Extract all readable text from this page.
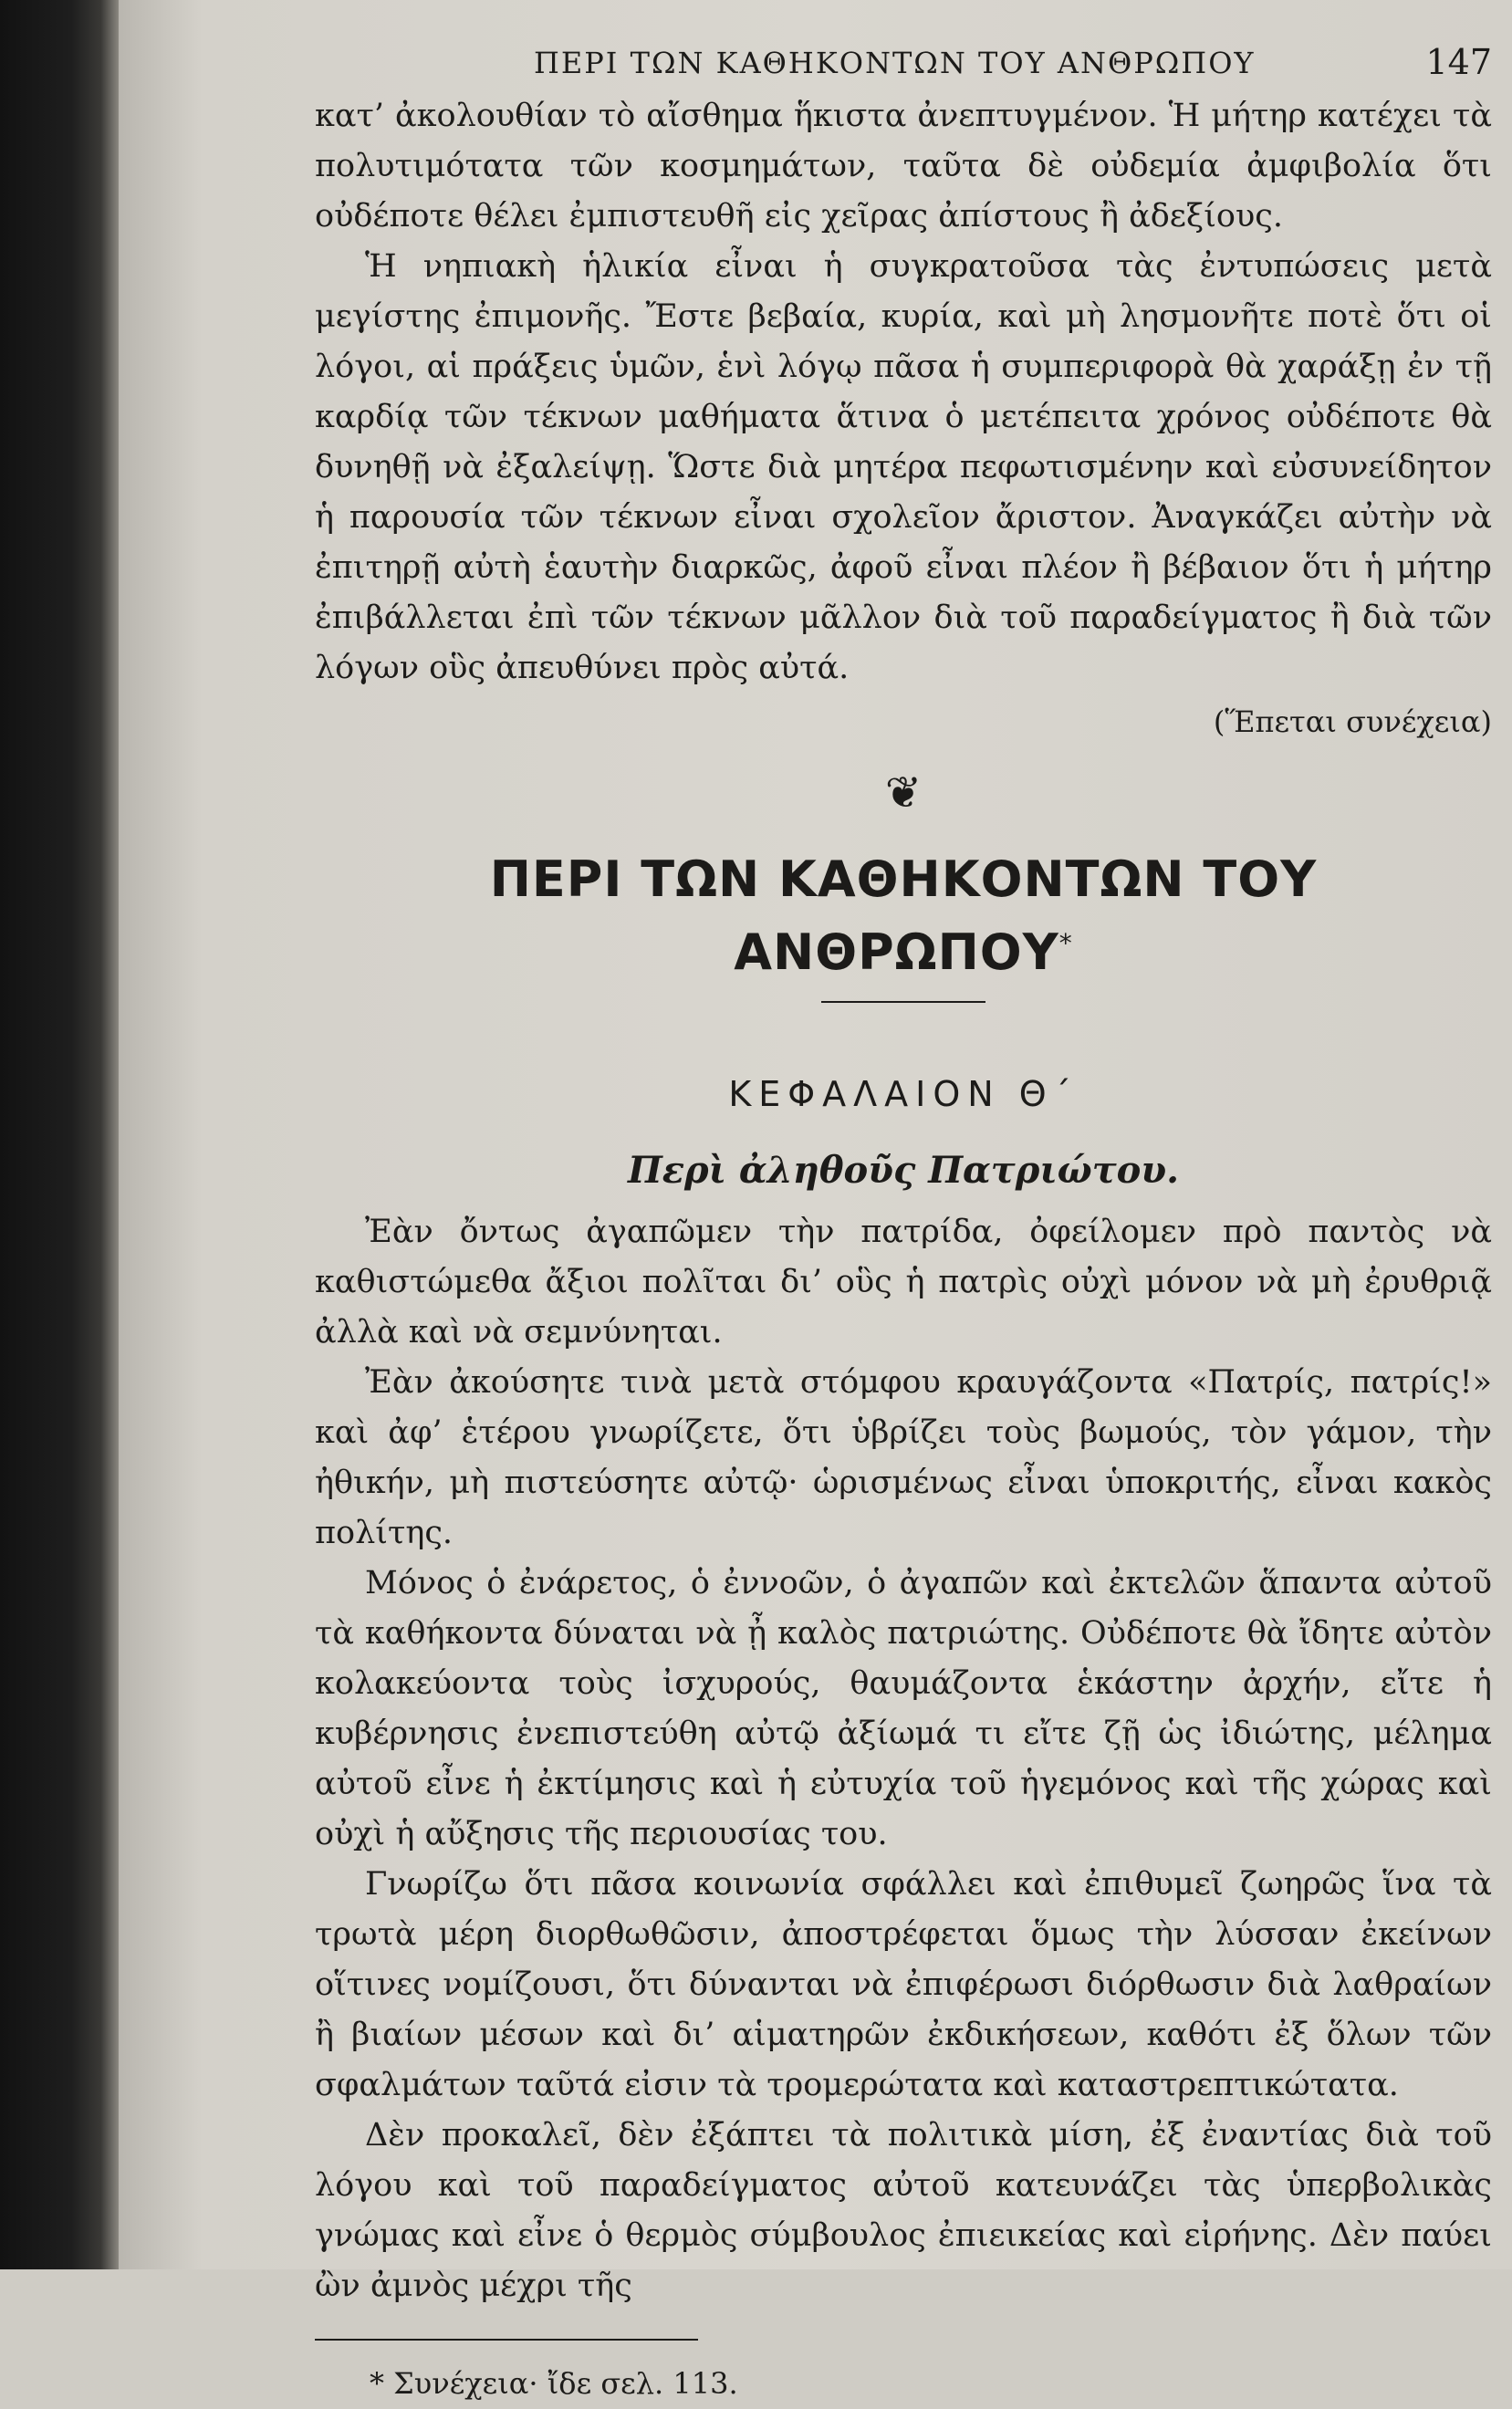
ΠΕΡΙ ΤΩΝ ΚΑΘΗΚΟΝΤΩΝ ΤΟΥ ΑΝΘΡΩΠΟΥ	147

κατ’ ἀκολουθίαν τὸ αἴσθημα ἥκιστα ἀνεπτυγμένον. Ἡ μήτηρ κατέχει τὰ πολυτιμότατα τῶν κοσμημάτων, ταῦτα δὲ οὐδεμία ἀμφιβολία ὅτι οὐδέποτε θέλει ἐμπιστευθῆ εἰς χεῖρας ἀπίστους ἢ ἀδεξίους.

Ἡ νηπιακὴ ἡλικία εἶναι ἡ συγκρατοῦσα τὰς ἐντυπώσεις μετὰ μεγίστης ἐπιμονῆς. Ἔστε βεβαία, κυρία, καὶ μὴ λησμονῆτε ποτὲ ὅτι οἱ λόγοι, αἱ πράξεις ὑμῶν, ἑνὶ λόγῳ πᾶσα ἡ συμπεριφορὰ θὰ χαράξῃ ἐν τῇ καρδίᾳ τῶν τέκνων μαθήματα ἅτινα ὁ μετέπειτα χρόνος οὐδέποτε θὰ δυνηθῇ νὰ ἐξαλείψῃ. Ὥστε διὰ μητέρα πεφωτισμένην καὶ εὐσυνείδητον ἡ παρουσία τῶν τέκνων εἶναι σχολεῖον ἄριστον. Ἀναγκάζει αὐτὴν νὰ ἐπιτηρῇ αὐτὴ ἑαυτὴν διαρκῶς, ἀφοῦ εἶναι πλέον ἢ βέβαιον ὅτι ἡ μήτηρ ἐπιβάλλεται ἐπὶ τῶν τέκνων μᾶλλον διὰ τοῦ παραδείγματος ἢ διὰ τῶν λόγων οὓς ἀπευθύνει πρὸς αὐτά.

(Ἕπεται συνέχεια)
❦
ΠΕΡΙ ΤΩΝ ΚΑΘΗΚΟΝΤΩΝ ΤΟΥ ΑΝΘΡΩΠΟΥ*
ΚΕΦΑΛΑΙΟΝ Θ΄
Περὶ ἀληθοῦς Πατριώτου.

Ἐὰν ὄντως ἀγαπῶμεν τὴν πατρίδα, ὀφείλομεν πρὸ παντὸς νὰ καθιστώμεθα ἄξιοι πολῖται δι’ οὓς ἡ πατρὶς οὐχὶ μόνον νὰ μὴ ἐρυθριᾷ ἀλλὰ καὶ νὰ σεμνύνηται.

Ἐὰν ἀκούσητε τινὰ μετὰ στόμφου κραυγάζοντα «Πατρίς, πατρίς!» καὶ ἀφ’ ἑτέρου γνωρίζετε, ὅτι ὑβρίζει τοὺς βωμούς, τὸν γάμον, τὴν ἠθικήν, μὴ πιστεύσητε αὐτῷ· ὡρισμένως εἶναι ὑποκριτής, εἶναι κακὸς πολίτης.

Μόνος ὁ ἐνάρετος, ὁ ἐννοῶν, ὁ ἀγαπῶν καὶ ἐκτελῶν ἅπαντα αὐτοῦ τὰ καθήκοντα δύναται νὰ ᾖ καλὸς πατριώτης. Οὐδέποτε θὰ ἴδητε αὐτὸν κολακεύοντα τοὺς ἰσχυρούς, θαυμάζοντα ἑκάστην ἀρχήν, εἴτε ἡ κυβέρνησις ἐνεπιστεύθη αὐτῷ ἀξίωμά τι εἴτε ζῇ ὡς ἰδιώτης, μέλημα αὐτοῦ εἶνε ἡ ἐκτίμησις καὶ ἡ εὐτυχία τοῦ ἡγεμόνος καὶ τῆς χώρας καὶ οὐχὶ ἡ αὔξησις τῆς περιουσίας του.

Γνωρίζω ὅτι πᾶσα κοινωνία σφάλλει καὶ ἐπιθυμεῖ ζωηρῶς ἵνα τὰ τρωτὰ μέρη διορθωθῶσιν, ἀποστρέφεται ὅμως τὴν λύσσαν ἐκείνων οἵτινες νομίζουσι, ὅτι δύνανται νὰ ἐπιφέρωσι διόρθωσιν διὰ λαθραίων ἢ βιαίων μέσων καὶ δι’ αἱματηρῶν ἐκδικήσεων, καθότι ἐξ ὅλων τῶν σφαλμάτων ταῦτά εἰσιν τὰ τρομερώτατα καὶ καταστρεπτικώτατα.

Δὲν προκαλεῖ, δὲν ἐξάπτει τὰ πολιτικὰ μίση, ἐξ ἐναντίας διὰ τοῦ λόγου καὶ τοῦ παραδείγματος αὐτοῦ κατευνάζει τὰς ὑπερβολικὰς γνώμας καὶ εἶνε ὁ θερμὸς σύμβουλος ἐπιεικείας καὶ εἰρήνης. Δὲν παύει ὢν ἀμνὸς μέχρι τῆς

* Συνέχεια· ἴδε σελ. 113.
